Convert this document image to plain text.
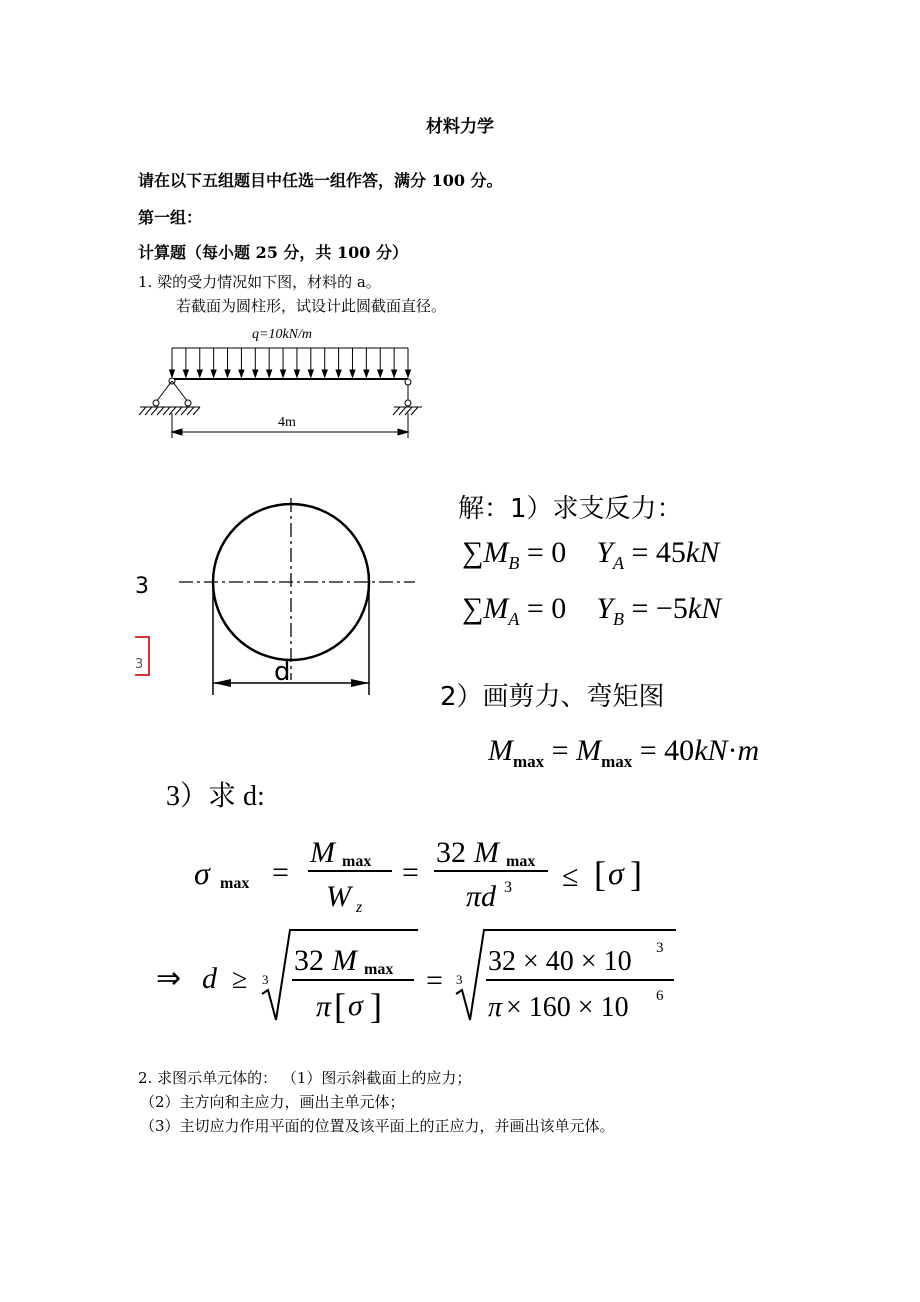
材料力学
请在以下五组题目中任选一组作答，满分 100 分。
第一组：
计算题（每小题 25 分，共 100 分）
1. 梁的受力情况如下图，材料的 a。
若截面为圆柱形，试设计此圆截面直径。
q=10kN/m
4m
3
3	d
解：1）求支反力：
$\sum M_B = 0$    $Y_A = 45kN$
$\sum M_A = 0$    $Y_B = -5kN$
2）画剪力、弯矩图
$M_{max} = M_{max} = 40kN\cdot m$
3）求 d:
σ max =
M max
W z
=
32 M max
πd 3 ≤ [ σ ]
⇒ d ≥ 3
32 M max
π [ σ ]
= 3
32 × 40 × 10 3
π × 160 × 10 6
2. 求图示单元体的： （1）图示斜截面上的应力；
（2）主方向和主应力，画出主单元体；
（3）主切应力作用平面的位置及该平面上的正应力，并画出该单元体。
